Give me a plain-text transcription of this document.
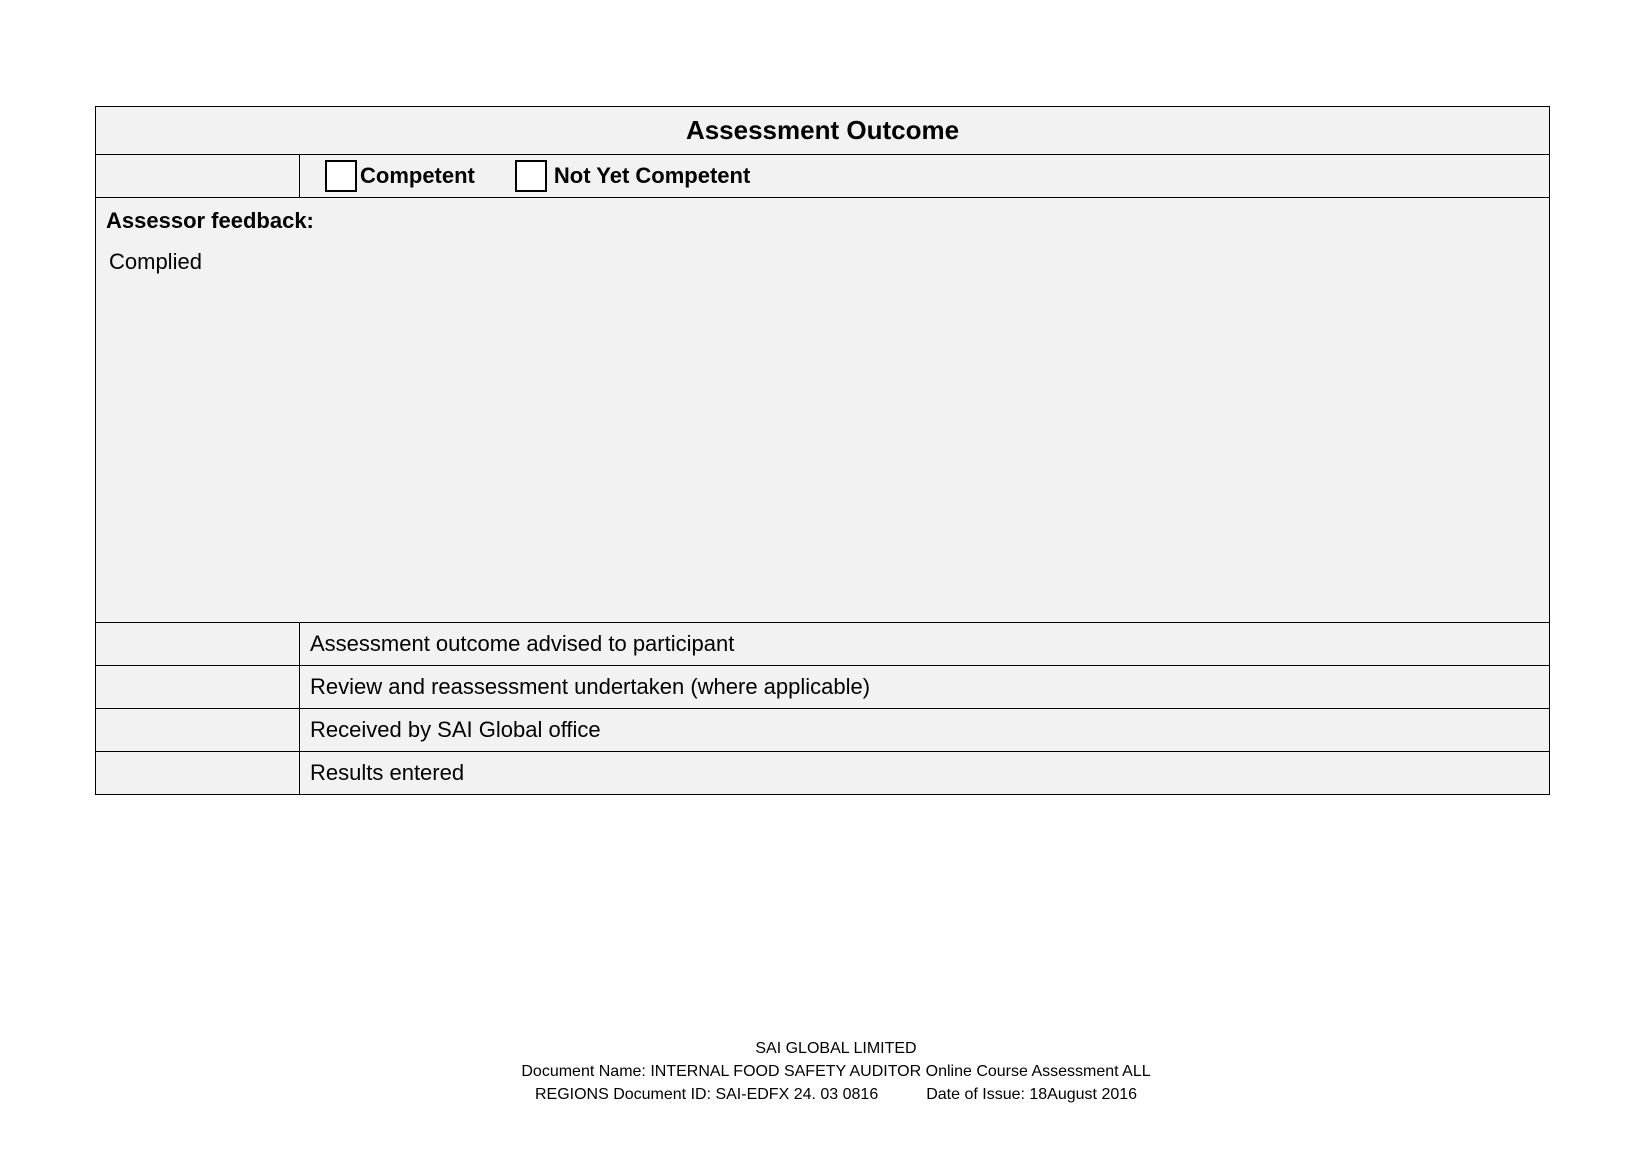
Assessment Outcome	

	Competent Not Yet Competent

Assessor feedback:
Complied	

	Assessment outcome advised to participant
	Review and reassessment undertaken (where applicable)
	Received by SAI Global office
	Results entered
SAI GLOBAL LIMITED
Document Name: INTERNAL FOOD SAFETY AUDITOR Online Course Assessment ALL
REGIONS Document ID: SAI-EDFX 24. 03 0816	Date of Issue: 18August 2016
